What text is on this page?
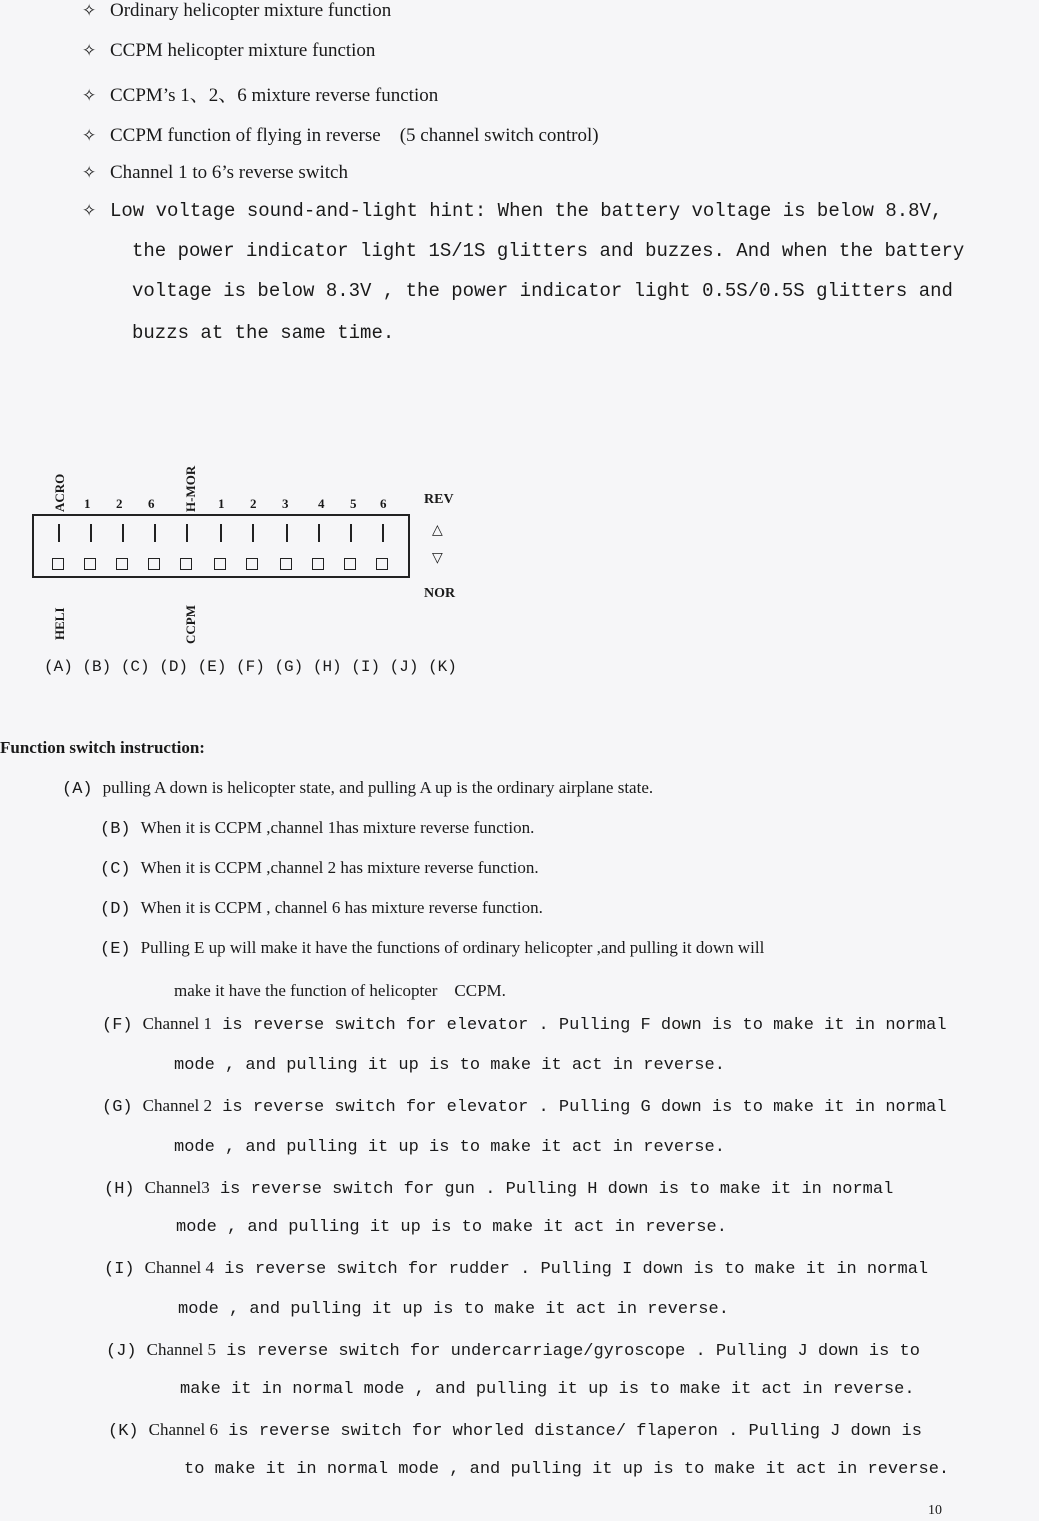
✧ Ordinary helicopter mixture function
✧ CCPM helicopter mixture function
✧ CCPM’s 1、2、6 mixture reverse function
✧ CCPM function of flying in reverse　(5 channel switch control)
✧ Channel 1 to 6’s reverse switch
✧ Low voltage sound-and-light hint: When the battery voltage is below 8.8V,
the power indicator light 1S/1S glitters and buzzes. And when the battery
voltage is below 8.3V , the power indicator light 0.5S/0.5S glitters and
buzzs at the same time.
ACRO	H-MOR
1 2 6	1 2 3 4 5 6	REV
△
▽
NOR
HELI	CCPM
(A) (B) (C) (D) (E) (F) (G) (H) (I) (J) (K)
Function switch instruction:
(A) pulling A down is helicopter state, and pulling A up is the ordinary airplane state.
(B) When it is CCPM ,channel 1has mixture reverse function.
(C) When it is CCPM ,channel 2 has mixture reverse function.
(D) When it is CCPM , channel 6 has mixture reverse function.
(E) Pulling E up will make it have the functions of ordinary helicopter ,and pulling it down will
make it have the function of helicopter　CCPM.
(F) Channel 1 is reverse switch for elevator . Pulling F down is to make it in normal
mode , and pulling it up is to make it act in reverse.
(G) Channel 2 is reverse switch for elevator . Pulling G down is to make it in normal
mode , and pulling it up is to make it act in reverse.
(H) Channel3 is reverse switch for gun . Pulling H down is to make it in normal
mode , and pulling it up is to make it act in reverse.
(I) Channel 4 is reverse switch for rudder . Pulling I down is to make it in normal
mode , and pulling it up is to make it act in reverse.
(J) Channel 5 is reverse switch for undercarriage/gyroscope . Pulling J down is to
make it in normal mode , and pulling it up is to make it act in reverse.
(K) Channel 6 is reverse switch for whorled distance/ flaperon . Pulling J down is
to make it in normal mode , and pulling it up is to make it act in reverse.
10
